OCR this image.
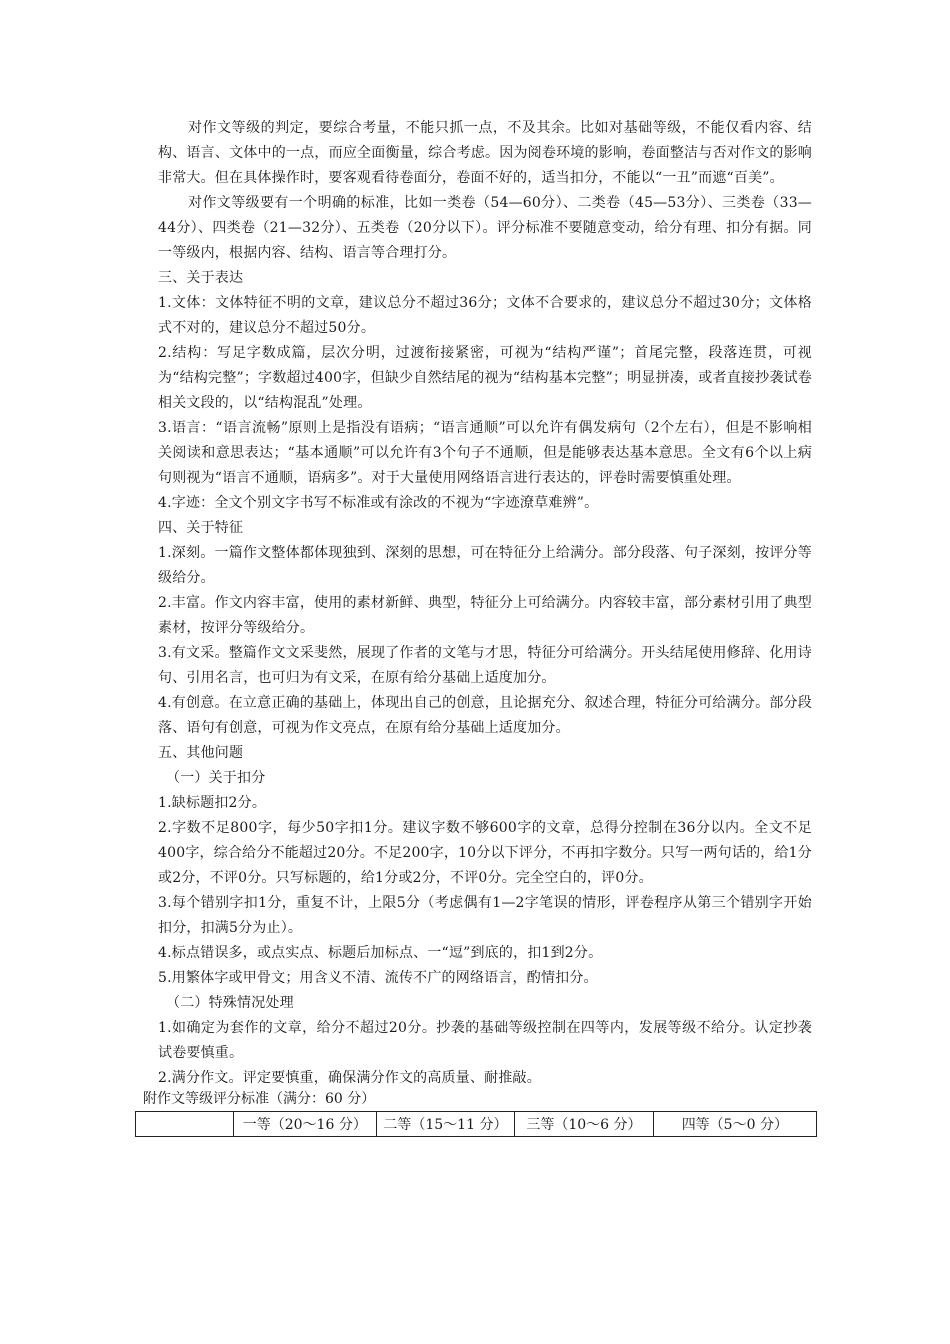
对作文等级的判定，要综合考量，不能只抓一点，不及其余。比如对基础等级，不能仅看内容、结构、语言、文体中的一点，而应全面衡量，综合考虑。因为阅卷环境的影响，卷面整洁与否对作文的影响非常大。但在具体操作时，要客观看待卷面分，卷面不好的，适当扣分，不能以“一丑”而遮“百美”。

对作文等级要有一个明确的标准，比如一类卷（54—60分）、二类卷（45—53分）、三类卷（33—44分）、四类卷（21—32分）、五类卷（20分以下）。评分标准不要随意变动，给分有理、扣分有据。同一等级内，根据内容、结构、语言等合理打分。

三、关于表达

1.文体：文体特征不明的文章，建议总分不超过36分；文体不合要求的，建议总分不超过30分；文体格式不对的，建议总分不超过50分。

2.结构：写足字数成篇，层次分明，过渡衔接紧密，可视为“结构严谨”；首尾完整，段落连贯，可视为“结构完整”；字数超过400字，但缺少自然结尾的视为“结构基本完整”；明显拼凑，或者直接抄袭试卷相关文段的，以“结构混乱”处理。

3.语言：“语言流畅”原则上是指没有语病；“语言通顺”可以允许有偶发病句（2个左右），但是不影响相关阅读和意思表达；“基本通顺”可以允许有3个句子不通顺，但是能够表达基本意思。全文有6个以上病句则视为“语言不通顺，语病多”。对于大量使用网络语言进行表达的，评卷时需要慎重处理。

4.字迹：全文个别文字书写不标准或有涂改的不视为“字迹潦草难辨”。

四、关于特征

1.深刻。一篇作文整体都体现独到、深刻的思想，可在特征分上给满分。部分段落、句子深刻，按评分等级给分。

2.丰富。作文内容丰富，使用的素材新鲜、典型，特征分上可给满分。内容较丰富，部分素材引用了典型素材，按评分等级给分。

3.有文采。整篇作文文采斐然，展现了作者的文笔与才思，特征分可给满分。开头结尾使用修辞、化用诗句、引用名言，也可归为有文采，在原有给分基础上适度加分。

4.有创意。在立意正确的基础上，体现出自己的创意，且论据充分、叙述合理，特征分可给满分。部分段落、语句有创意，可视为作文亮点，在原有给分基础上适度加分。

五、其他问题

（一）关于扣分

1.缺标题扣2分。

2.字数不足800字，每少50字扣1分。建议字数不够600字的文章，总得分控制在36分以内。全文不足400字，综合给分不能超过20分。不足200字，10分以下评分，不再扣字数分。只写一两句话的，给1分或2分，不评0分。只写标题的，给1分或2分，不评0分。完全空白的，评0分。

3.每个错别字扣1分，重复不计，上限5分（考虑偶有1—2字笔误的情形，评卷程序从第三个错别字开始扣分，扣满5分为止）。

4.标点错误多，或点实点、标题后加标点、一“逗”到底的，扣1到2分。

5.用繁体字或甲骨文；用含义不清、流传不广的网络语言，酌情扣分。

（二）特殊情况处理

1.如确定为套作的文章，给分不超过20分。抄袭的基础等级控制在四等内，发展等级不给分。认定抄袭试卷要慎重。

2.满分作文。评定要慎重，确保满分作文的高质量、耐推敲。

附作文等级评分标准（满分：60 分）

	一等（20～16 分）	二等（15～11 分）	三等（10～6 分）	四等（5～0 分）
